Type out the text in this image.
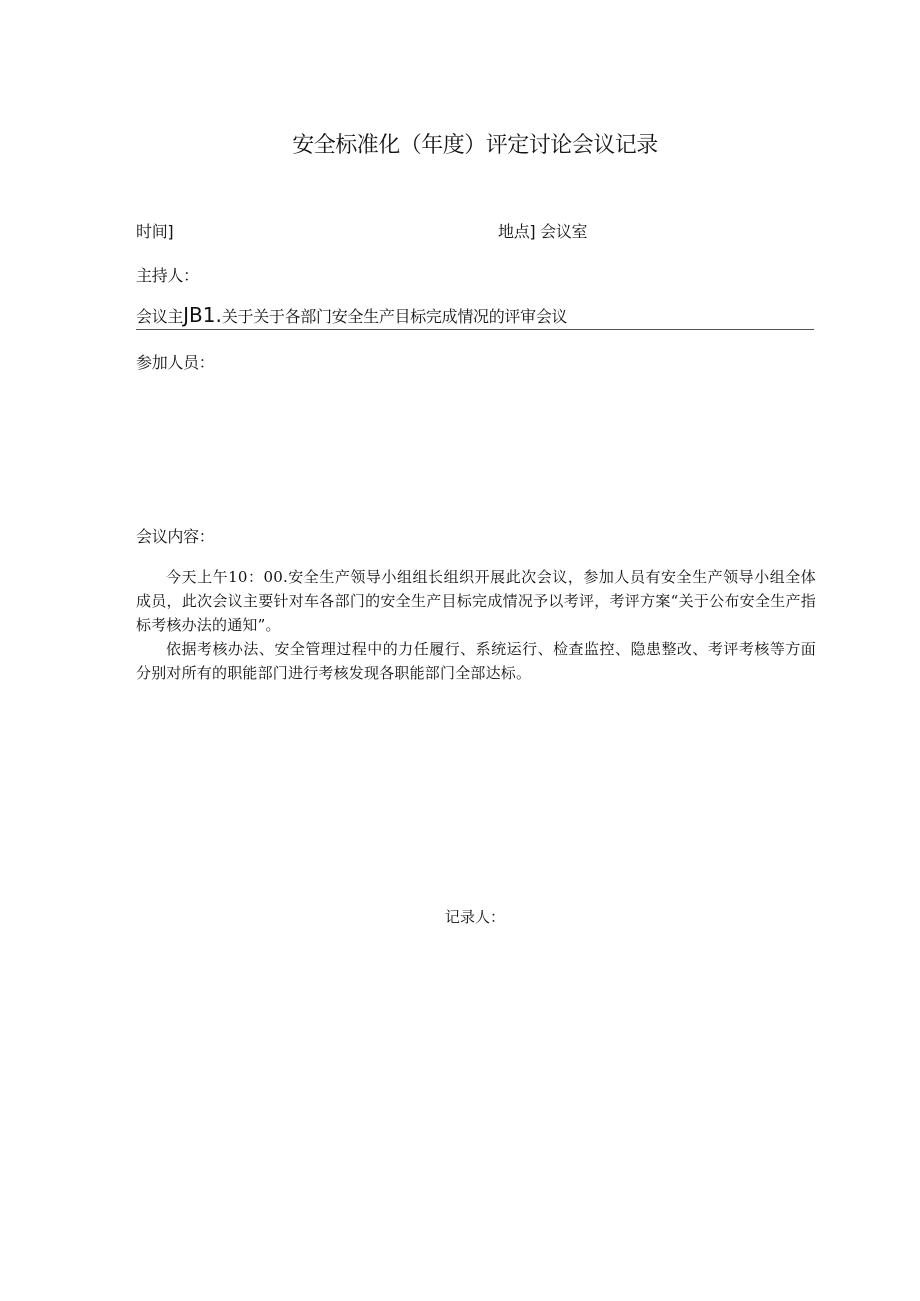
安全标准化（年度）评定讨论会议记录
时间]	地点] 会议室
主持人：
会议主JB1.关于关于各部门安全生产目标完成情况的评审会议
参加人员：
会议内容：

今天上午10：00.安全生产领导小组组长组织开展此次会议，参加人员有安全生产领导小组全体成员，此次会议主要针对车各部门的安全生产目标完成情况予以考评，考评方案“关于公布安全生产指标考核办法的通知”。

依据考核办法、安全管理过程中的力任履行、系统运行、检查监控、隐患整改、考评考核等方面分别对所有的职能部门进行考核发现各职能部门全部达标。

记录人：
